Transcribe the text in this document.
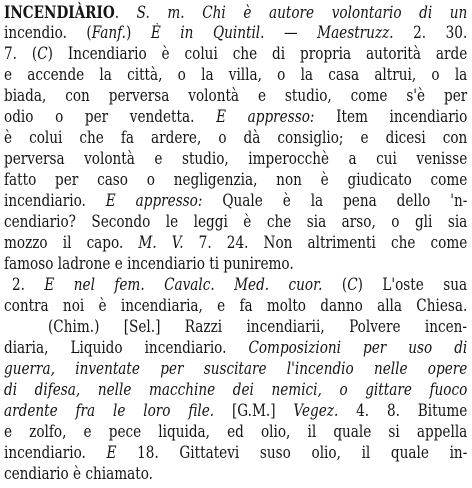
INCENDIÀRIO. S. m. Chi è autore volontario di un
incendio. (Fanf.) È in Quintil. — Maestruzz. 2. 30.
7. (C) Incendiario è colui che di propria autorità arde
e accende la città, o la villa, o la casa altrui, o la
biada, con perversa volontà e studio, come s'è per
odio o per vendetta. E appresso: Item incendiario
è colui che fa ardere, o dà consiglio; e dicesi con
perversa volontà e studio, imperocchè a cui venisse
fatto per caso o negligenzia, non è giudicato come
incendiario. E appresso: Quale è la pena dello 'n-
cendiario? Secondo le leggi è che sia arso, o gli sia
mozzo il capo. M. V. 7. 24. Non altrimenti che come
famoso ladrone e incendiario ti puniremo.
2. E nel fem. Cavalc. Med. cuor. (C) L'oste sua
contra noi è incendiaria, e fa molto danno alla Chiesa.
(Chim.) [Sel.] Razzi incendiarii, Polvere incen-
diaria, Liquido incendiario. Composizioni per uso di
guerra, inventate per suscitare l'incendio nelle opere
di difesa, nelle macchine dei nemici, o gittare fuoco
ardente fra le loro file. [G.M.] Vegez. 4. 8. Bitume
e zolfo, e pece liquida, ed olio, il quale si appella
incendiario. E 18. Gittatevi suso olio, il quale in-
cendiario è chiamato.
